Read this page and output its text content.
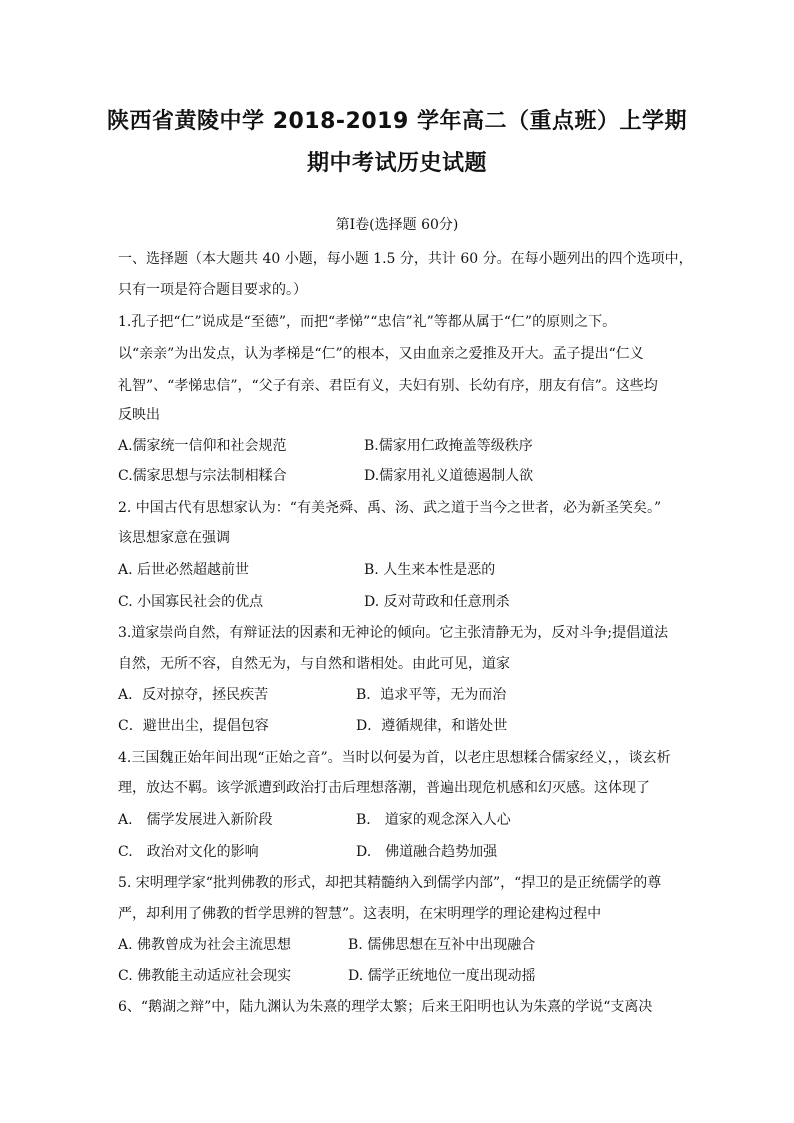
陕西省黄陵中学 2018-2019 学年高二（重点班）上学期
期中考试历史试题
第Ⅰ卷(选择题 60分)
一、选择题（本大题共 40 小题，每小题 1.5 分，共计 60 分。在每小题列出的四个选项中，
只有一项是符合题目要求的。）
1.孔子把“仁”说成是“至德”，而把“孝悌”“忠信”礼”等都从属于“仁”的原则之下。
以“亲亲”为出发点，认为孝梯是“仁”的根本，又由血亲之爱推及开大。孟子提出“仁义
礼智”、“孝悌忠信”，“父子有亲、君臣有义，夫妇有别、长幼有序，朋友有信”。这些均
反映出
A.儒家统一信仰和社会规范	B.儒家用仁政掩盖等级秩序
C.儒家思想与宗法制相糅合	D.儒家用礼义道德遏制人欲
2. 中国古代有思想家认为：“有美尧舜、禹、汤、武之道于当今之世者，必为新圣笑矣。”
该思想家意在强调
A. 后世必然超越前世	B. 人生来本性是恶的
C. 小国寡民社会的优点	D. 反对苛政和任意刑杀
3.道家崇尚自然，有辩证法的因素和无神论的倾向。它主张清静无为，反对斗争;提倡道法
自然，无所不容，自然无为，与自然和谐相处。由此可见，道家
A．反对掠夺，拯民疾苦	B．追求平等，无为而治
C．避世出尘，提倡包容	D．遵循规律，和谐处世
4.三国魏正始年间出现“正始之音”。当时以何晏为首，以老庄思想糅合儒家经义，，谈玄析
理，放达不羁。该学派遭到政治打击后理想落潮，普遍出现危机感和幻灭感。这体现了
A.　儒学发展进入新阶段	B.　道家的观念深入人心
C.　政治对文化的影响	D.　佛道融合趋势加强
5. 宋明理学家“批判佛教的形式，却把其精髓纳入到儒学内部”，“捍卫的是正统儒学的尊
严，却利用了佛教的哲学思辨的智慧”。这表明，在宋明理学的理论建构过程中
A. 佛教曾成为社会主流思想	B. 儒佛思想在互补中出现融合
C. 佛教能主动适应社会现实	D. 儒学正统地位一度出现动摇
6、“鹅湖之辩”中，陆九渊认为朱熹的理学太繁；后来王阳明也认为朱熹的学说“支离决
